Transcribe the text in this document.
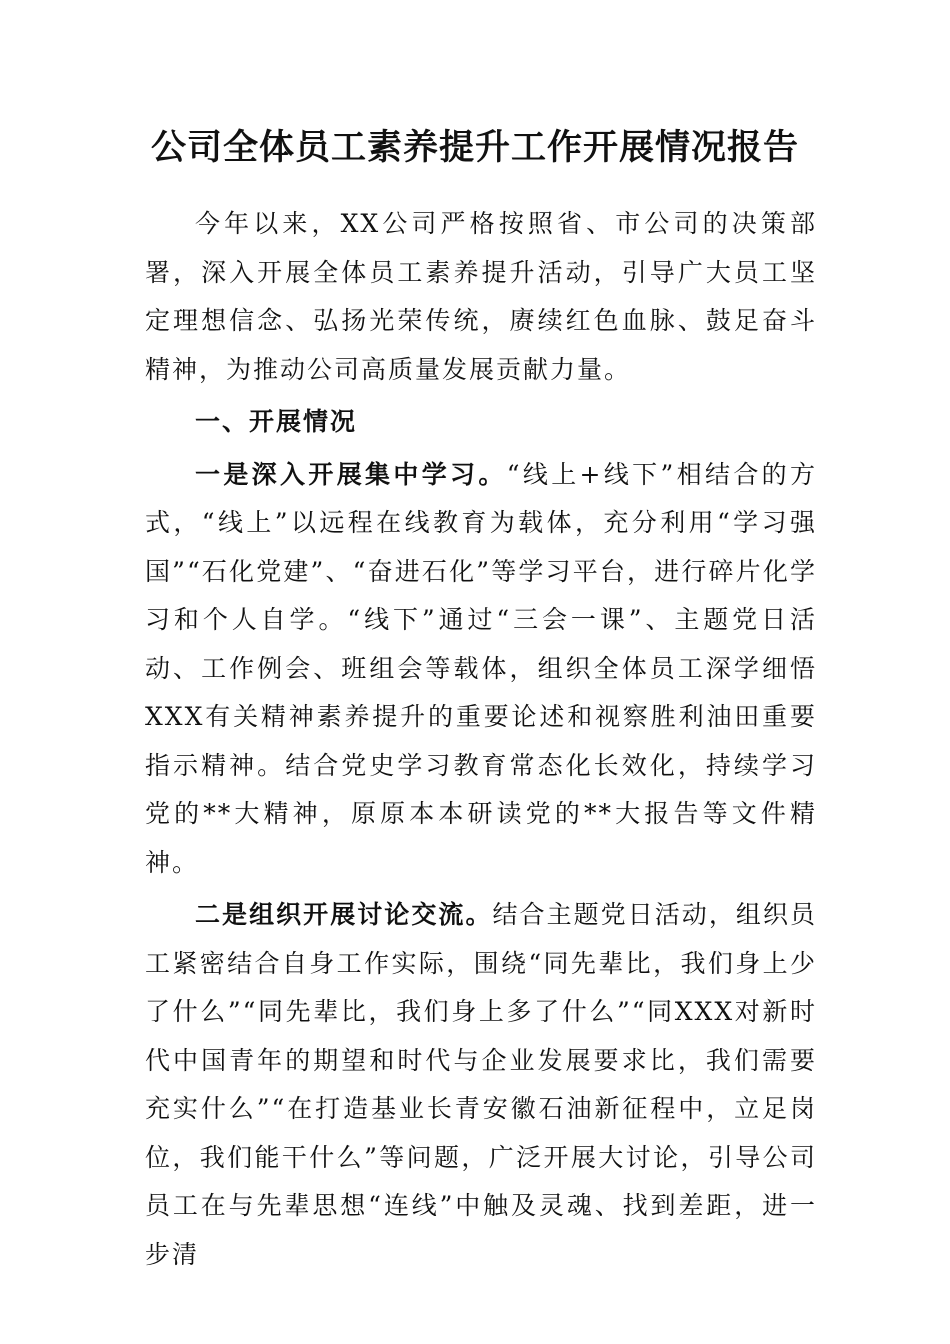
公司全体员工素养提升工作开展情况报告

今年以来，XX公司严格按照省、市公司的决策部署，深入开展全体员工素养提升活动，引导广大员工坚定理想信念、弘扬光荣传统，赓续红色血脉、鼓足奋斗精神，为推动公司高质量发展贡献力量。

一、开展情况

一是深入开展集中学习。“线上+线下”相结合的方式，“线上”以远程在线教育为载体，充分利用“学习强国”“石化党建”、“奋进石化”等学习平台，进行碎片化学习和个人自学。“线下”通过“三会一课”、主题党日活动、工作例会、班组会等载体，组织全体员工深学细悟XXX有关精神素养提升的重要论述和视察胜利油田重要指示精神。结合党史学习教育常态化长效化，持续学习党的**大精神，原原本本研读党的**大报告等文件精神。

二是组织开展讨论交流。结合主题党日活动，组织员工紧密结合自身工作实际，围绕“同先辈比，我们身上少了什么”“同先辈比，我们身上多了什么”“同XXX对新时代中国青年的期望和时代与企业发展要求比，我们需要充实什么”“在打造基业长青安徽石油新征程中，立足岗位，我们能干什么”等问题，广泛开展大讨论，引导公司员工在与先辈思想“连线”中触及灵魂、找到差距，进一步清
